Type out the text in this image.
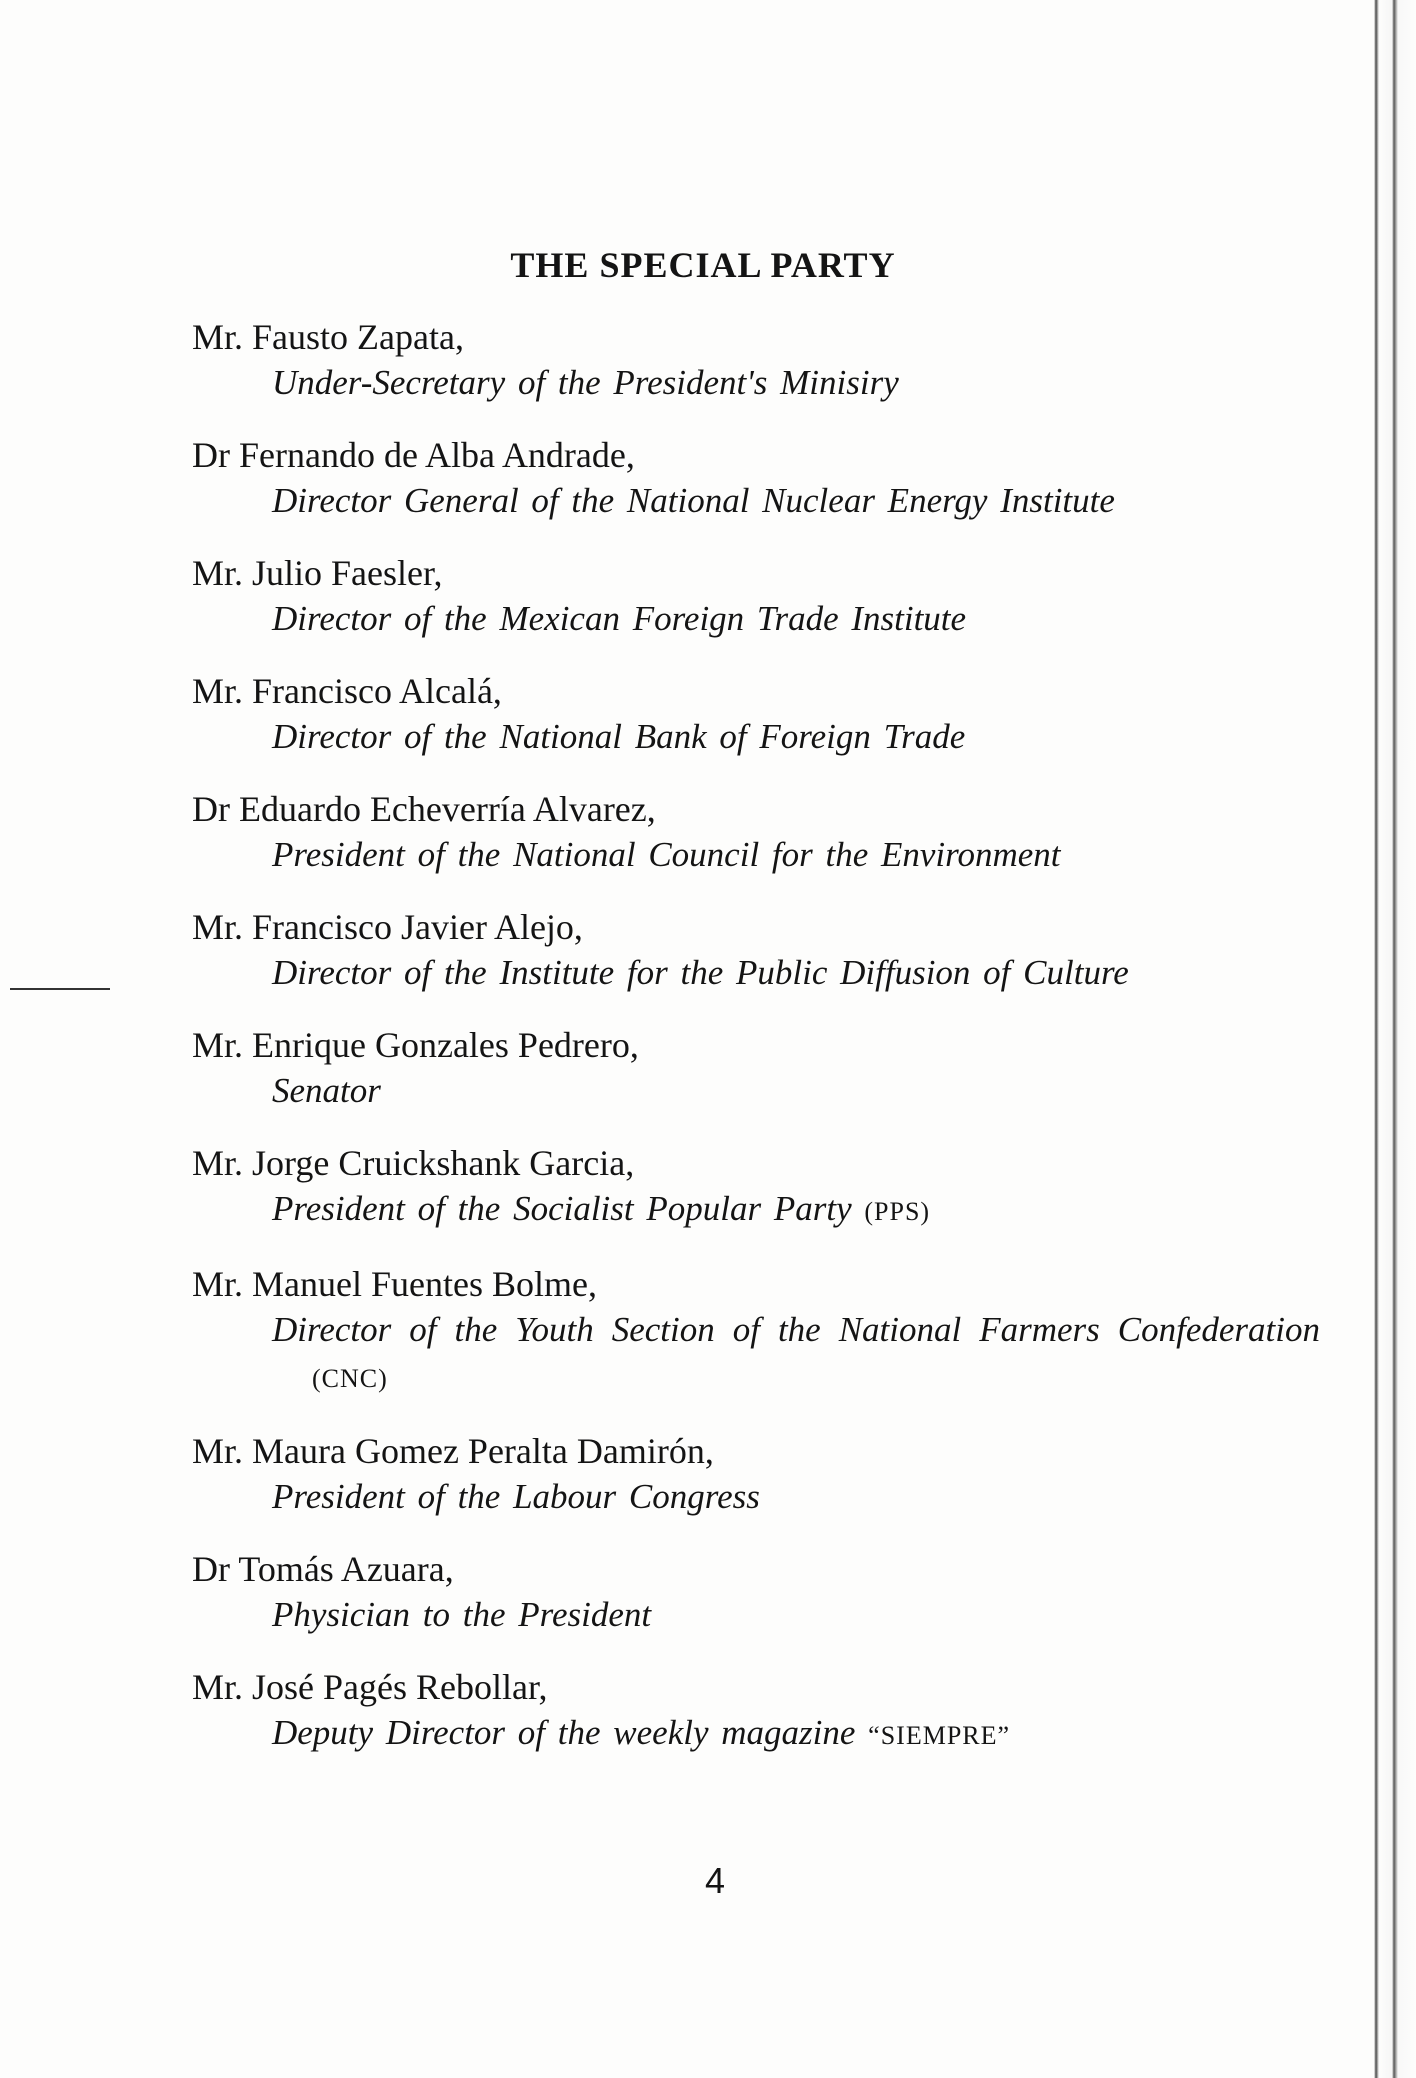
THE SPECIAL PARTY
Mr. Fausto Zapata,
Under-Secretary of the President's Minisiry
Dr Fernando de Alba Andrade,
Director General of the National Nuclear Energy Institute
Mr. Julio Faesler,
Director of the Mexican Foreign Trade Institute
Mr. Francisco Alcalá,
Director of the National Bank of Foreign Trade
Dr Eduardo Echeverría Alvarez,
President of the National Council for the Environment
Mr. Francisco Javier Alejo,
Director of the Institute for the Public Diffusion of Culture
Mr. Enrique Gonzales Pedrero,
Senator
Mr. Jorge Cruickshank Garcia,
President of the Socialist Popular Party (PPS)
Mr. Manuel Fuentes Bolme,
Director of the Youth Section of the National Farmers Confederation (CNC)
Mr. Maura Gomez Peralta Damirón,
President of the Labour Congress
Dr Tomás Azuara,
Physician to the President
Mr. José Pagés Rebollar,
Deputy Director of the weekly magazine “SIEMPRE”
4
